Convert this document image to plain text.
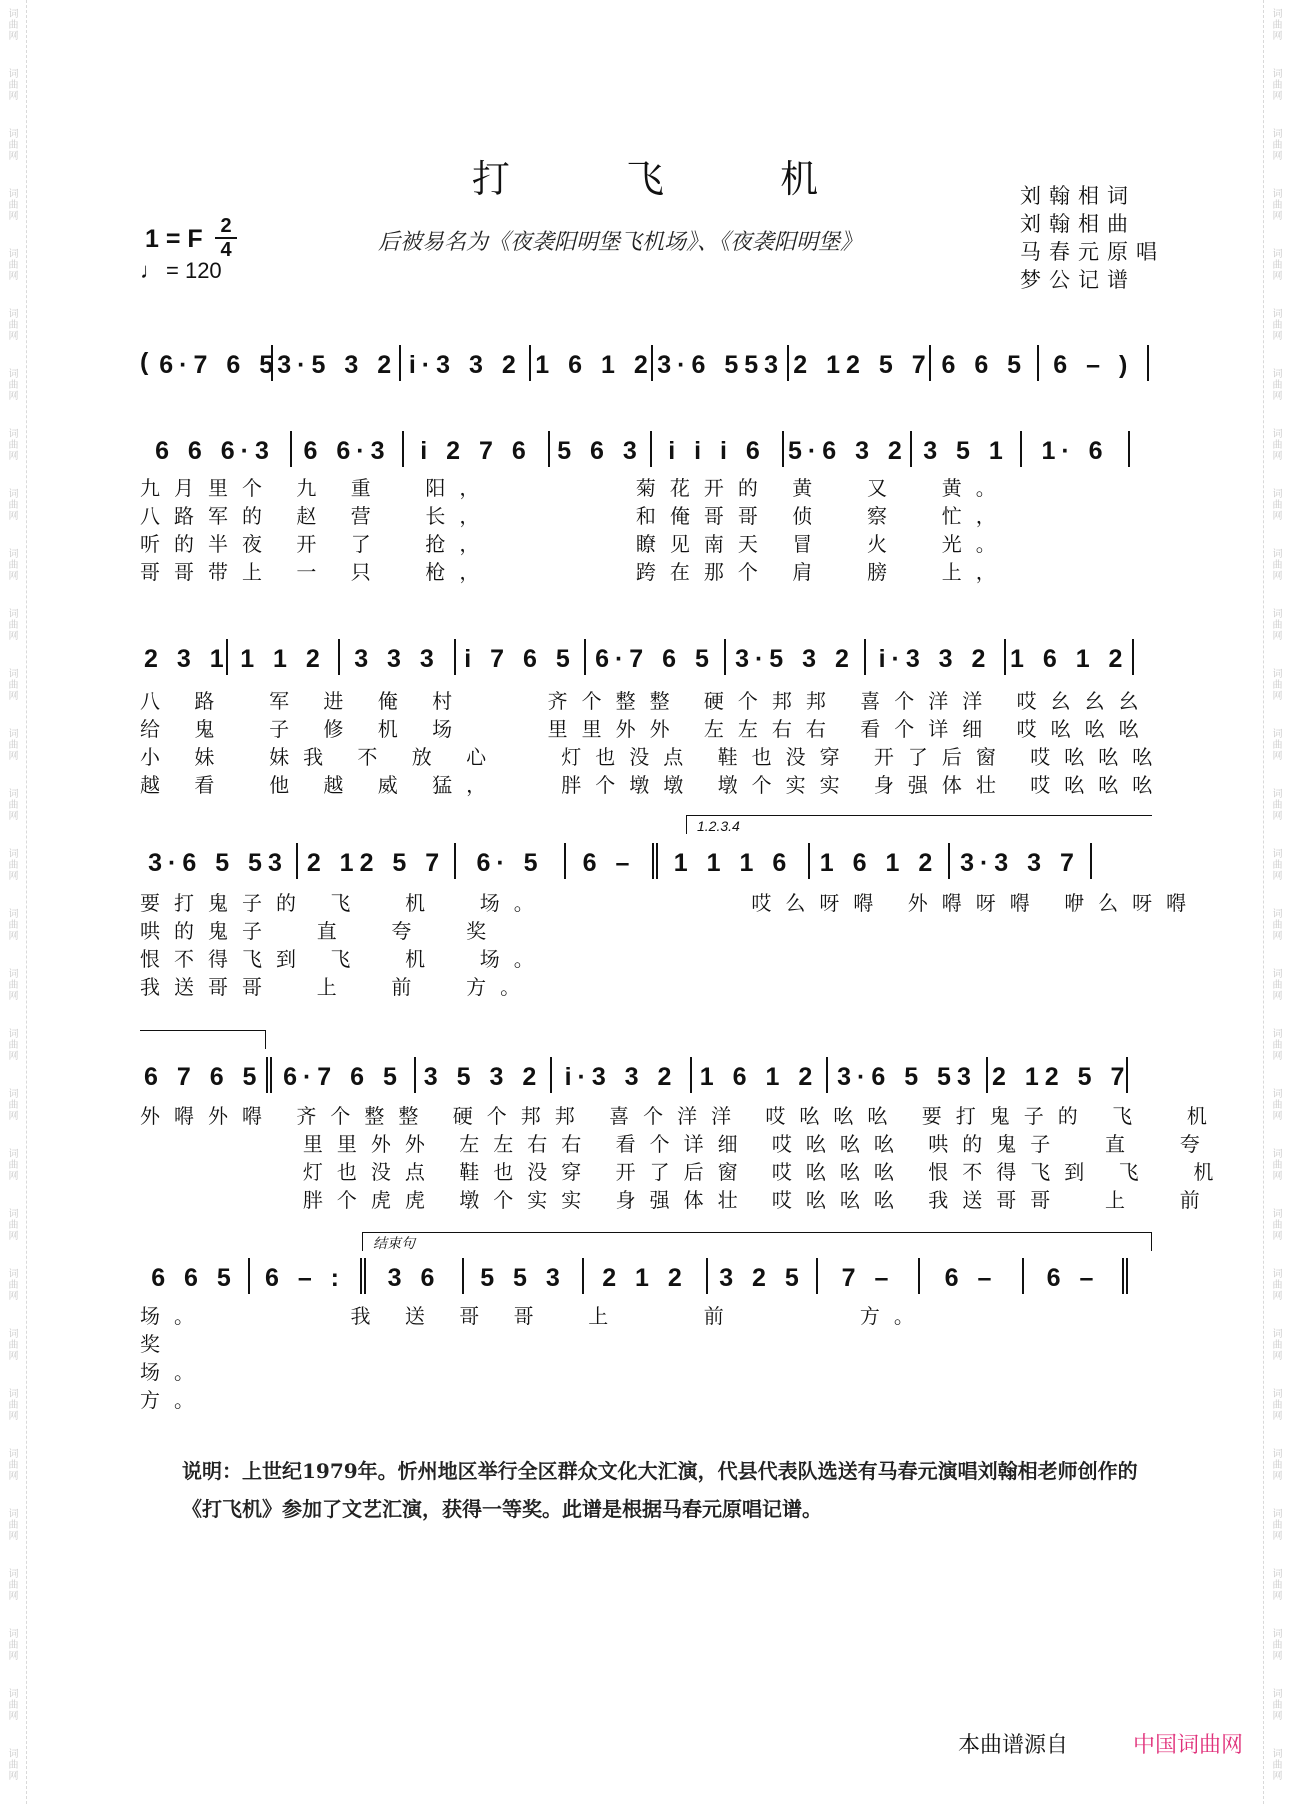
词曲网
词曲网
词曲网
词曲网
词曲网
词曲网
词曲网
词曲网
词曲网
词曲网
词曲网
词曲网
词曲网
词曲网
词曲网
词曲网
词曲网
词曲网
词曲网
词曲网
词曲网
词曲网
词曲网
词曲网
词曲网
词曲网
词曲网
词曲网
词曲网
词曲网
词曲网
词曲网
词曲网
词曲网
词曲网
词曲网
词曲网
词曲网
词曲网
词曲网
词曲网
词曲网
词曲网
词曲网
词曲网
词曲网
词曲网
词曲网
词曲网
词曲网
词曲网
词曲网
词曲网
词曲网
词曲网
词曲网
词曲网
词曲网
词曲网
词曲网
打 飞 机
1 = F 2
4
♩ = 120
后被易名为《夜袭阳明堡飞机场》、《夜袭阳明堡》
刘翰相词
刘翰相曲
马春元原唱
梦公记谱
( 6·7 6 53·5 3 2 i·3 3 2 1 6 1 2 3·6 553 2 12 5 7 6 6 5 6 – )
6 6 6·3 6 6·3 i 2 7 6 5 6 3 i i i 6 5·6 3 2 3 5 1 1· 6
九月里个 九 重  阳，       菊花开的 黄  又  黄。
八路军的 赵 营  长，       和俺哥哥 侦  察  忙，
听的半夜 开 了  抢，       瞭见南天 冒  火  光。
哥哥带上 一 只  枪，       跨在那个 肩  膀  上，
2 3 1 1 1 2 3 3 3 i 7 6 5 6·7 6 5 3·5 3 2 i·3 3 2 1 6 1 2
八 路  军 进 俺 村    齐个整整 硬个邦邦 喜个洋洋 哎幺幺幺
给 鬼  子 修 机 场    里里外外 左左右右 看个详细 哎吆吆吆
小 妹  妹我 不 放 心   灯也没点 鞋也没穿 开了后窗 哎吆吆吆
越 看  他 越 威 猛，   胖个墩墩 墩个实实 身强体壮 哎吆吆吆
1.2.3.4
3·6 5 53 2 12 5 7 6· 5 6 – 1 1 1 6 1 6 1 2 3·3 3 7
要打鬼子的 飞  机  场。          哎么呀嘚 外嘚呀嘚 咿么呀嘚
哄的鬼子  直  夸  奖
恨不得飞到 飞  机  场。
我送哥哥  上  前  方。
6 7 6 5 6·7 6 5 3 5 3 2 i·3 3 2 1 6 1 2 3·6 5 53 2 12 5 7
外嘚外嘚 齐个整整 硬个邦邦 喜个洋洋 哎吆吆吆 要打鬼子的 飞  机
里里外外 左左右右 看个详细 哎吆吆吆 哄的鬼子  直  夸
灯也没点 鞋也没穿 开了后窗 哎吆吆吆 恨不得飞到 飞  机
胖个虎虎 墩个实实 身强体壮 哎吆吆吆 我送哥哥  上  前
结束句
6 6 5 6 – : 3 6 5 5 3 2 1 2 3 2 5 7 – 6 – 6 –
场。       我 送 哥 哥  上    前      方。
奖
场。
方。
说明：上世纪1979年。忻州地区举行全区群众文化大汇演，代县代表队选送有马春元演唱刘翰相老师创作的《打飞机》参加了文艺汇演，获得一等奖。此谱是根据马春元原唱记谱。
本曲谱源自	中国词曲网
